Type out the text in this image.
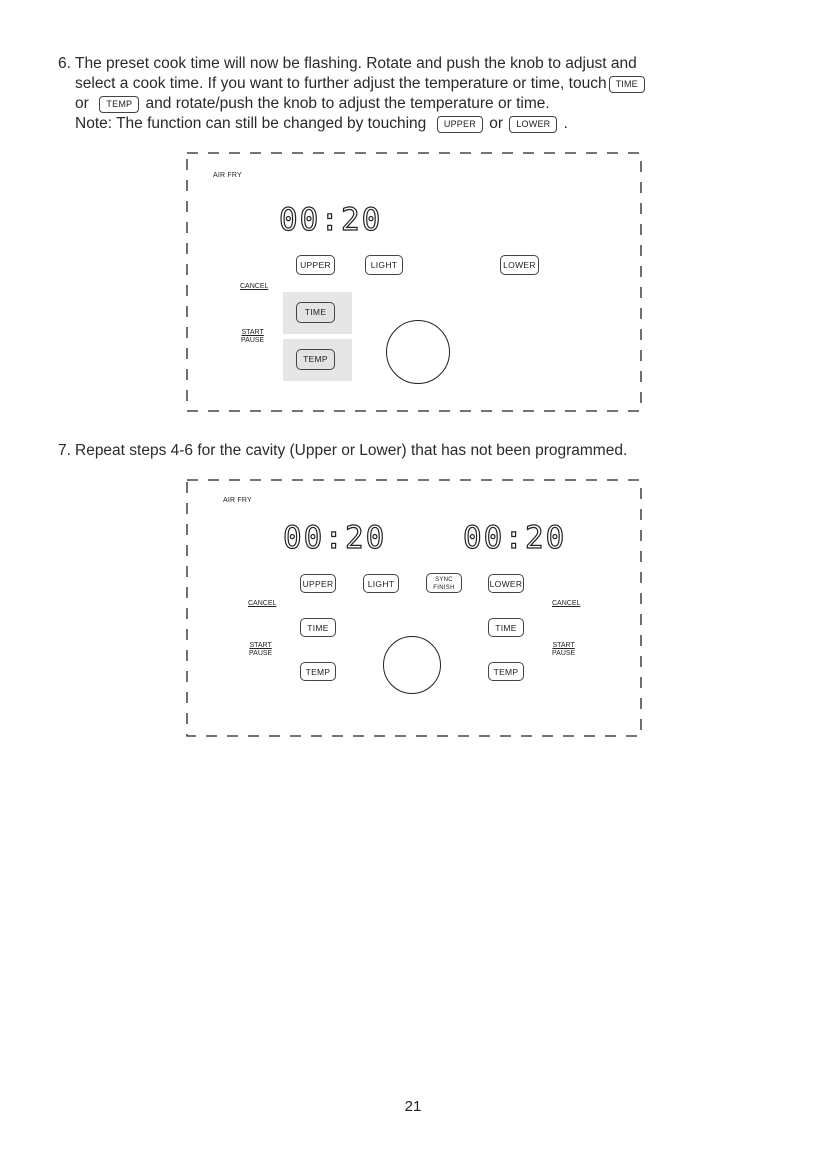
6. The preset cook time will now be flashing. Rotate and push the knob to adjust and
select a cook time. If you want to further adjust the temperature or time, touch TIME
or TEMP and rotate/push the knob to adjust the temperature or time.
Note: The function can still be changed by touching UPPER or LOWER .
AIR FRY
00:20
UPPER	LIGHT	LOWER
CANCEL
START
PAUSE
TIME
TEMP
7. Repeat steps 4-6 for the cavity (Upper or Lower) that has not been programmed.
AIR FRY
00:20 00:20
UPPER	LIGHT	SYNC
FINISH	LOWER
CANCEL	CANCEL
TIME	TIME
START
PAUSE
START
PAUSE
TEMP	TEMP
21
